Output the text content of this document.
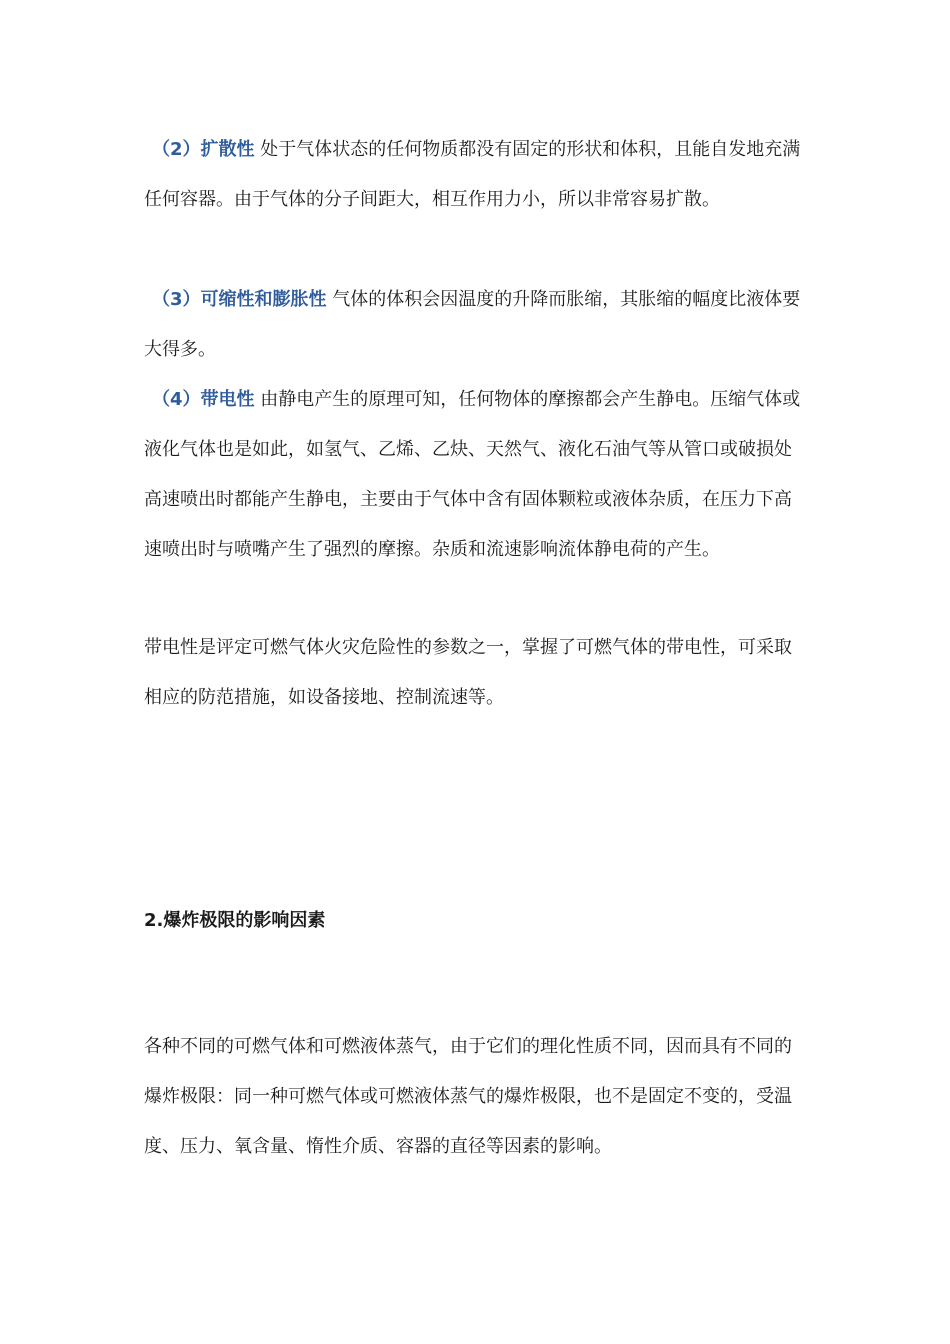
（2）扩散性 处于气体状态的任何物质都没有固定的形状和体积，且能自发地充满任何容器。由于气体的分子间距大，相互作用力小，所以非常容易扩散。

（3）可缩性和膨胀性 气体的体积会因温度的升降而胀缩，其胀缩的幅度比液体要大得多。

（4）带电性 由静电产生的原理可知，任何物体的摩擦都会产生静电。压缩气体或液化气体也是如此，如氢气、乙烯、乙炔、天然气、液化石油气等从管口或破损处高速喷出时都能产生静电，主要由于气体中含有固体颗粒或液体杂质，在压力下高速喷出时与喷嘴产生了强烈的摩擦。杂质和流速影响流体静电荷的产生。

带电性是评定可燃气体火灾危险性的参数之一，掌握了可燃气体的带电性，可采取相应的防范措施，如设备接地、控制流速等。

2.爆炸极限的影响因素

各种不同的可燃气体和可燃液体蒸气，由于它们的理化性质不同，因而具有不同的爆炸极限：同一种可燃气体或可燃液体蒸气的爆炸极限，也不是固定不变的，受温度、压力、氧含量、惰性介质、容器的直径等因素的影响。
